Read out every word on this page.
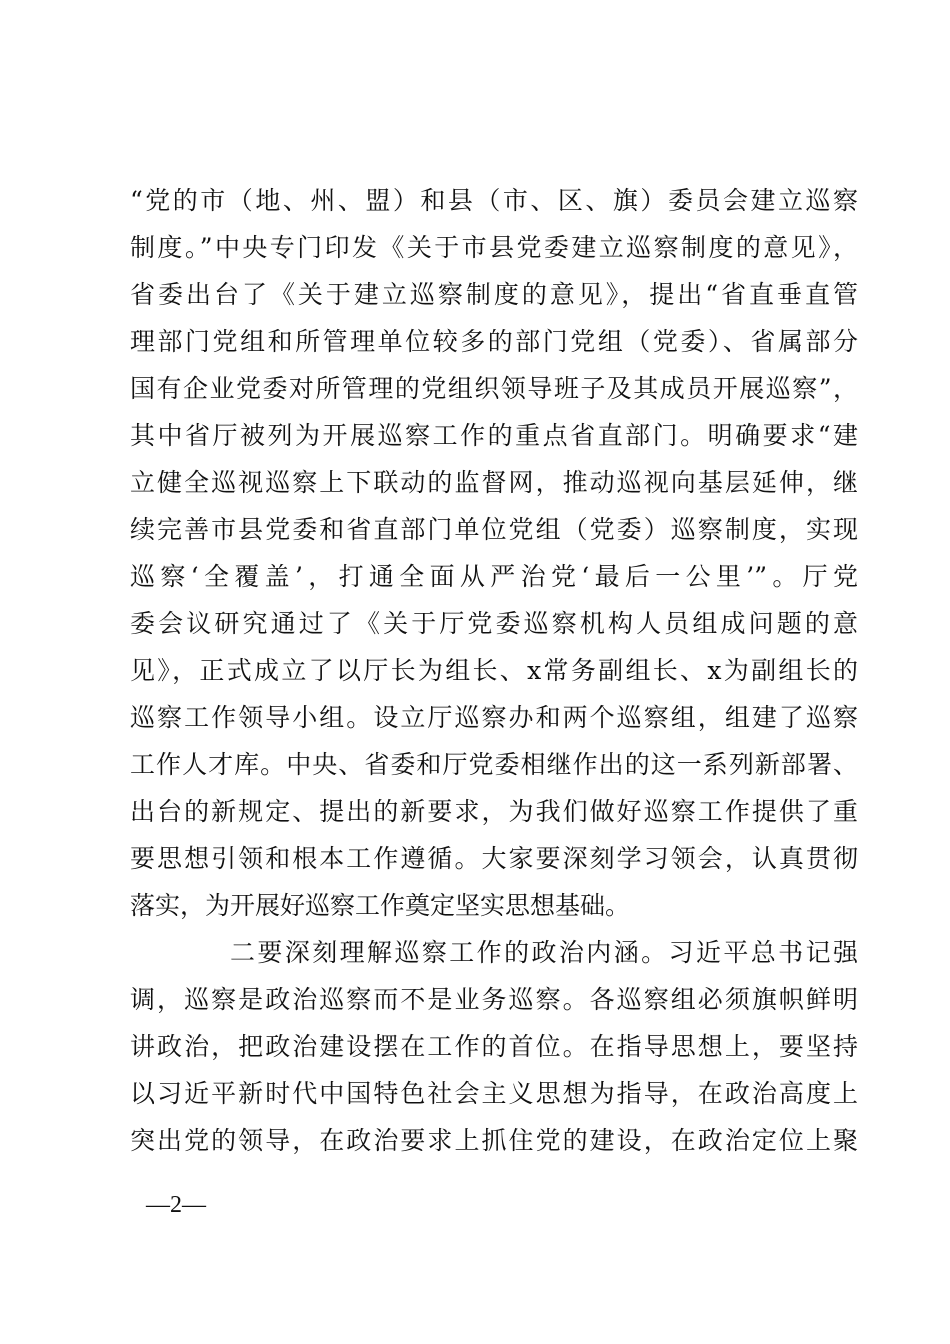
“党的市（地、州、盟）和县（市、区、旗）委员会建立巡察
制度。”中央专门印发《关于市县党委建立巡察制度的意见》，
省委出台了《关于建立巡察制度的意见》，提出“省直垂直管
理部门党组和所管理单位较多的部门党组（党委）、省属部分
国有企业党委对所管理的党组织领导班子及其成员开展巡察”，
其中省厅被列为开展巡察工作的重点省直部门。明确要求“建
立健全巡视巡察上下联动的监督网，推动巡视向基层延伸，继
续完善市县党委和省直部门单位党组（党委）巡察制度，实现
巡察‘全覆盖’，打通全面从严治党‘最后一公里’”。厅党
委会议研究通过了《关于厅党委巡察机构人员组成问题的意
见》，正式成立了以厅长为组长、x常务副组长、x为副组长的
巡察工作领导小组。设立厅巡察办和两个巡察组，组建了巡察
工作人才库。中央、省委和厅党委相继作出的这一系列新部署、
出台的新规定、提出的新要求，为我们做好巡察工作提供了重
要思想引领和根本工作遵循。大家要深刻学习领会，认真贯彻
落实，为开展好巡察工作奠定坚实思想基础。
二要深刻理解巡察工作的政治内涵。习近平总书记强
调，巡察是政治巡察而不是业务巡察。各巡察组必须旗帜鲜明
讲政治，把政治建设摆在工作的首位。在指导思想上，要坚持
以习近平新时代中国特色社会主义思想为指导，在政治高度上
突出党的领导，在政治要求上抓住党的建设，在政治定位上聚
—2—
